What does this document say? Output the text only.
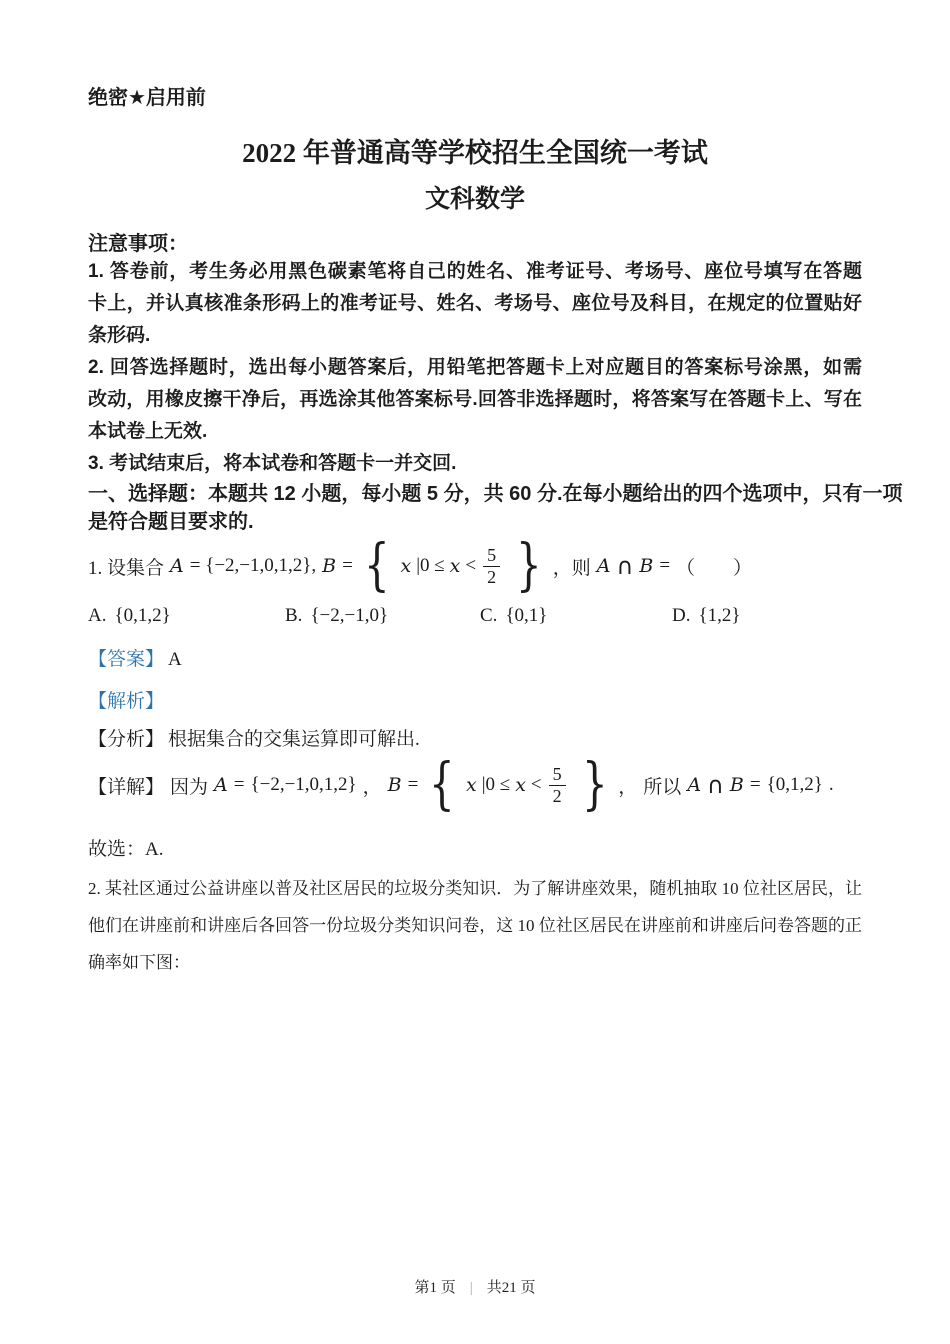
绝密★启用前
2022 年普通高等学校招生全国统一考试
文科数学
注意事项：
1. 答卷前，考生务必用黑色碳素笔将自己的姓名、准考证号、考场号、座位号填写在答题
卡上，并认真核准条形码上的准考证号、姓名、考场号、座位号及科目，在规定的位置贴好
条形码.
2. 回答选择题时，选出每小题答案后，用铅笔把答题卡上对应题目的答案标号涂黑，如需
改动，用橡皮擦干净后，再选涂其他答案标号.回答非选择题时，将答案写在答题卡上、写在
本试卷上无效.
3. 考试结束后，将本试卷和答题卡一并交回.
一、选择题：本题共 12 小题，每小题 5 分，共 60 分.在每小题给出的四个选项中，只有一项
是符合题目要求的.
1. 设集合 A = {−2,−1,0,1,2}, B = { x $|0 \le x < \frac{5}{2}$ } ，则 A ∩ B = （　　）
A. {0,1,2}	B. {−2,−1,0}	C. {0,1}	D. {1,2}
【答案】 A
【解析】
【分析】 根据集合的交集运算即可解出.
【详解】 因为 A = {−2,−1,0,1,2} ， B = { x $|0 \le x < \frac{5}{2}$ } ， 所以 A ∩ B = {0,1,2} .
故选：A.
2. 某社区通过公益讲座以普及社区居民的垃圾分类知识．为了解讲座效果，随机抽取 10 位社区居民，让
他们在讲座前和讲座后各回答一份垃圾分类知识问卷，这 10 位社区居民在讲座前和讲座后问卷答题的正
确率如下图：
第1 页 | 共21 页
